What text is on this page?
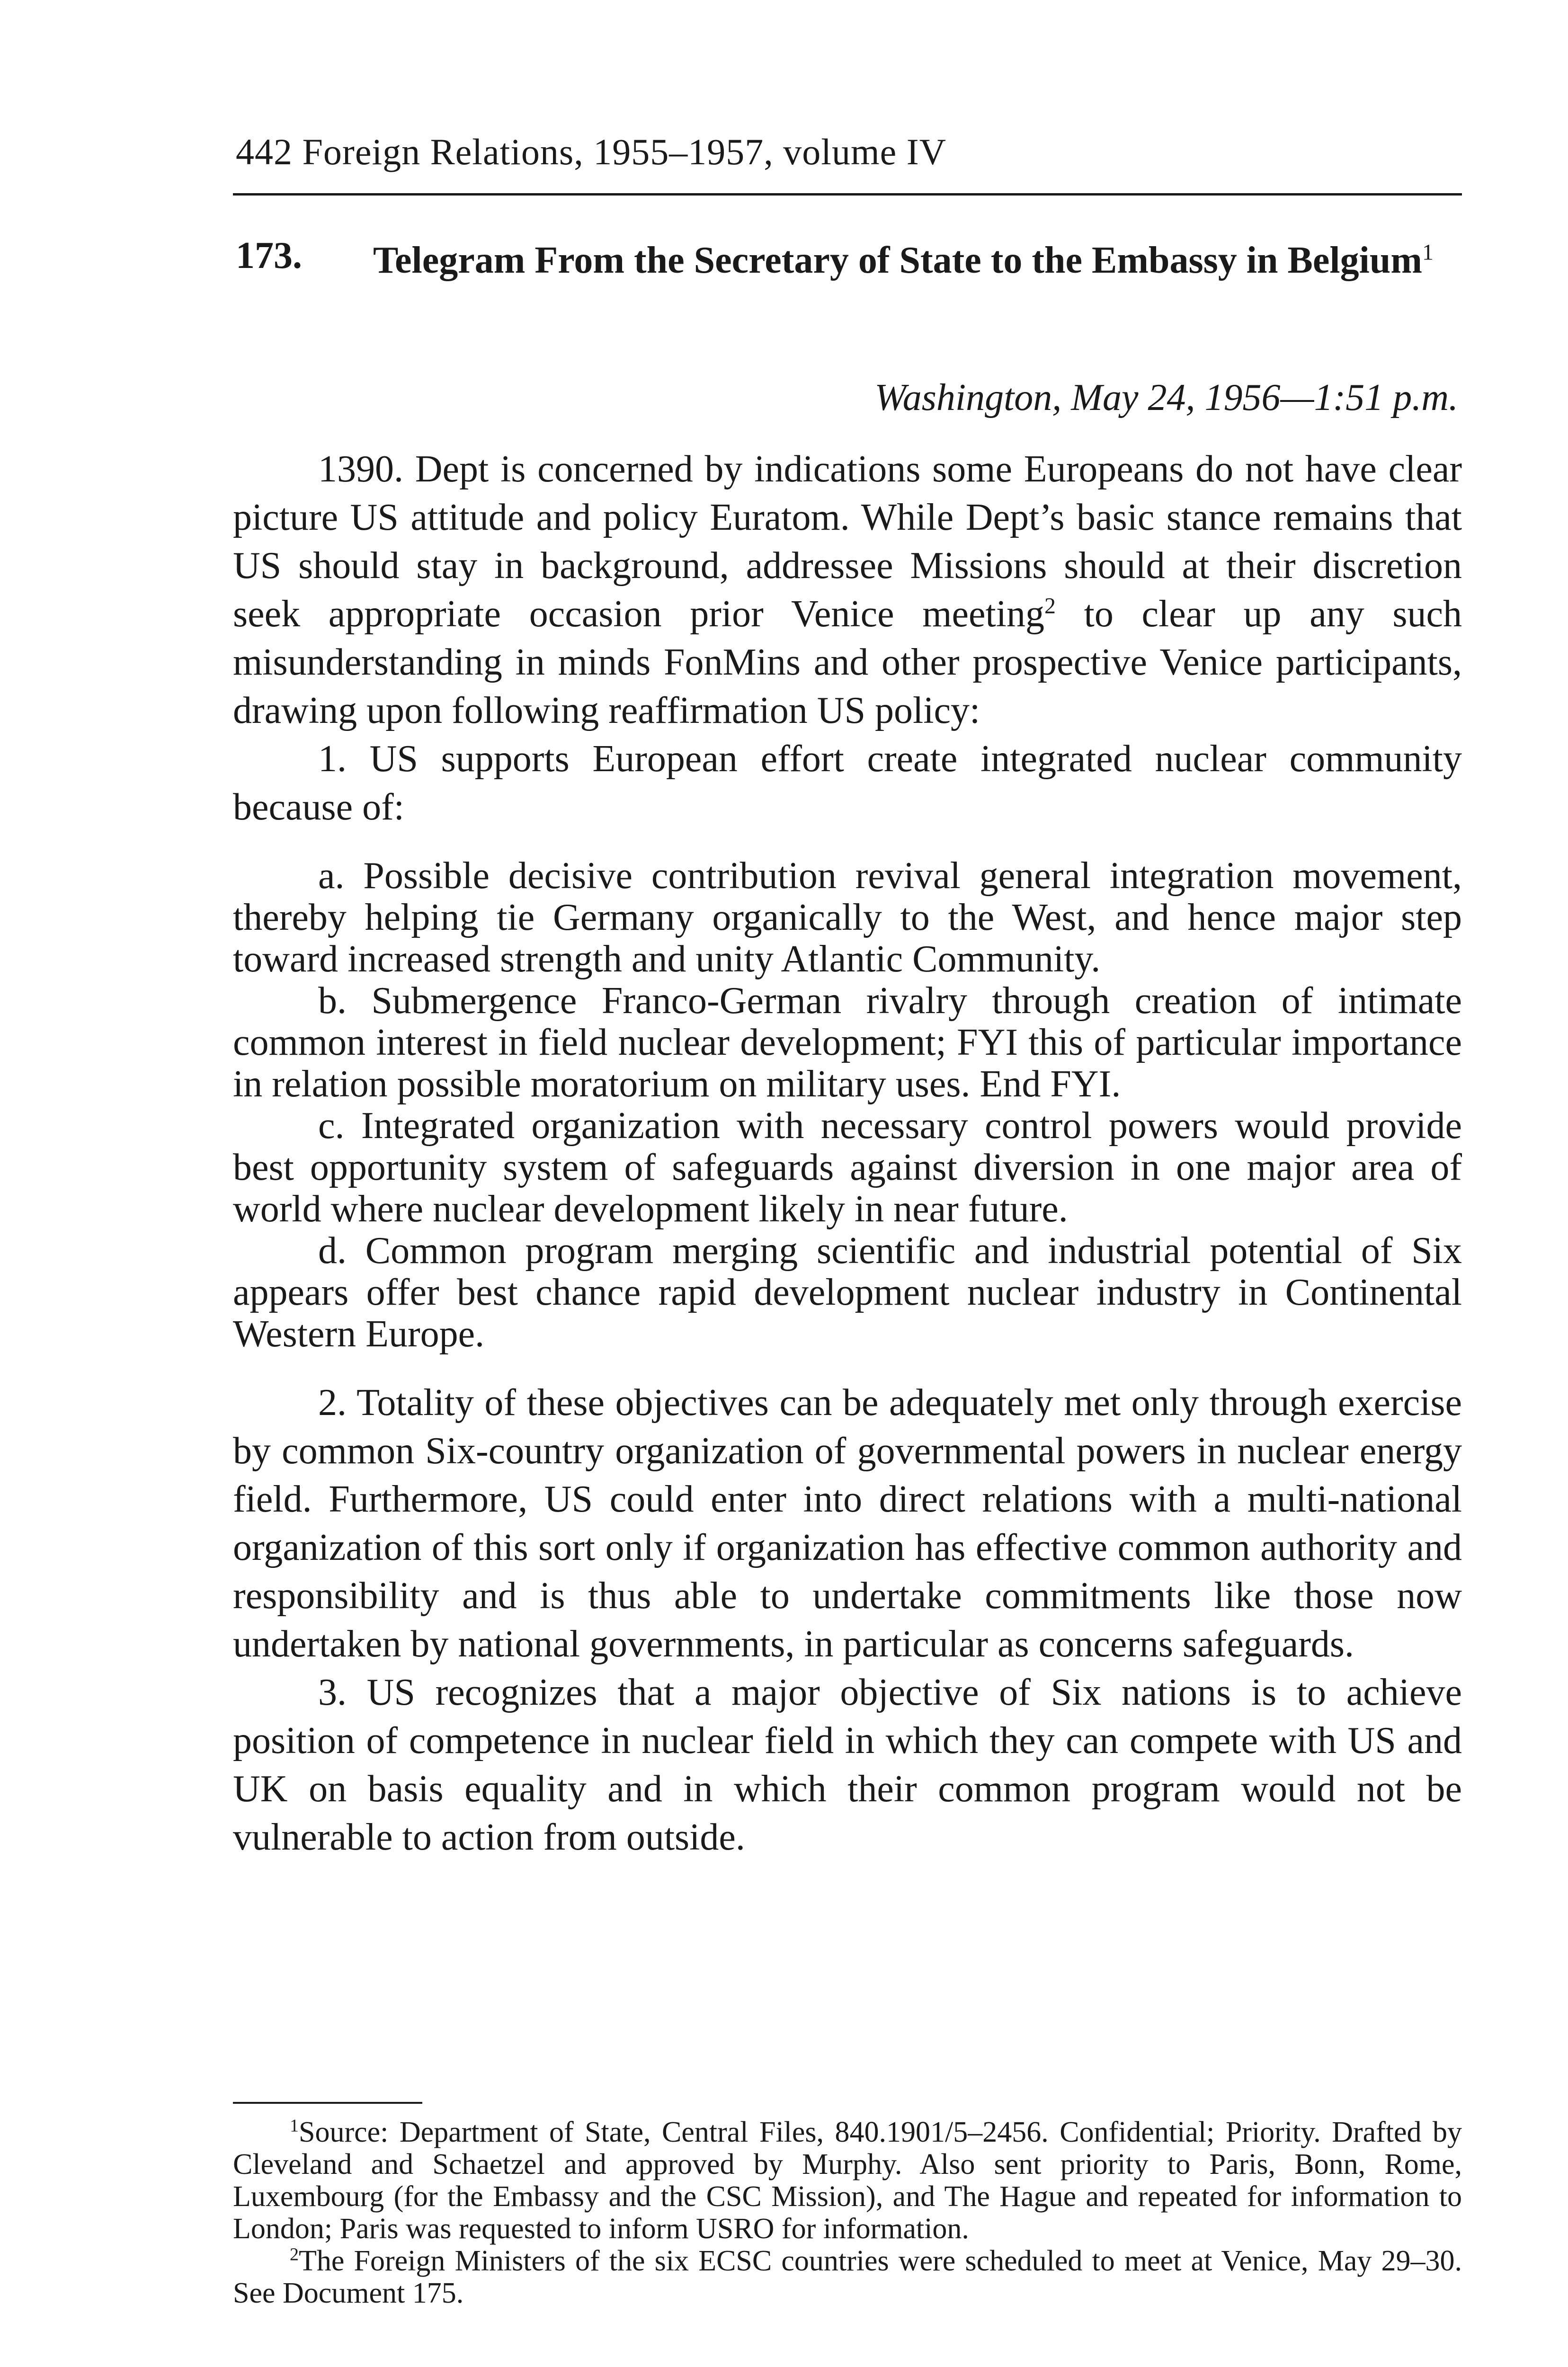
442 Foreign Relations, 1955–1957, volume IV
173. Telegram From the Secretary of State to the Embassy in Belgium$^1$
Washington, May 24, 1956—1:51 p.m.

1390. Dept is concerned by indications some Europeans do not have clear picture US attitude and policy Euratom. While Dept’s basic stance remains that US should stay in background, addressee Missions should at their discretion seek appropriate occasion prior Venice meeting$^2$ to clear up any such misunderstanding in minds FonMins and other prospective Venice participants, drawing upon following reaffirmation US policy:

1. US supports European effort create integrated nuclear community because of:

a. Possible decisive contribution revival general integration movement, thereby helping tie Germany organically to the West, and hence major step toward increased strength and unity Atlantic Community.

b. Submergence Franco-German rivalry through creation of intimate common interest in field nuclear development; FYI this of particular importance in relation possible moratorium on military uses. End FYI.

c. Integrated organization with necessary control powers would provide best opportunity system of safeguards against diversion in one major area of world where nuclear development likely in near future.

d. Common program merging scientific and industrial potential of Six appears offer best chance rapid development nuclear industry in Continental Western Europe.

2. Totality of these objectives can be adequately met only through exercise by common Six-country organization of governmental powers in nuclear energy field. Furthermore, US could enter into direct relations with a multi-national organization of this sort only if organization has effective common authority and responsibility and is thus able to undertake commitments like those now undertaken by national governments, in particular as concerns safeguards.

3. US recognizes that a major objective of Six nations is to achieve position of competence in nuclear field in which they can compete with US and UK on basis equality and in which their common program would not be vulnerable to action from outside.

$^1$Source: Department of State, Central Files, 840.1901/5–2456. Confidential; Priority. Drafted by Cleveland and Schaetzel and approved by Murphy. Also sent priority to Paris, Bonn, Rome, Luxembourg (for the Embassy and the CSC Mission), and The Hague and repeated for information to London; Paris was requested to inform USRO for information.

$^2$The Foreign Ministers of the six ECSC countries were scheduled to meet at Venice, May 29–30. See Document 175.
